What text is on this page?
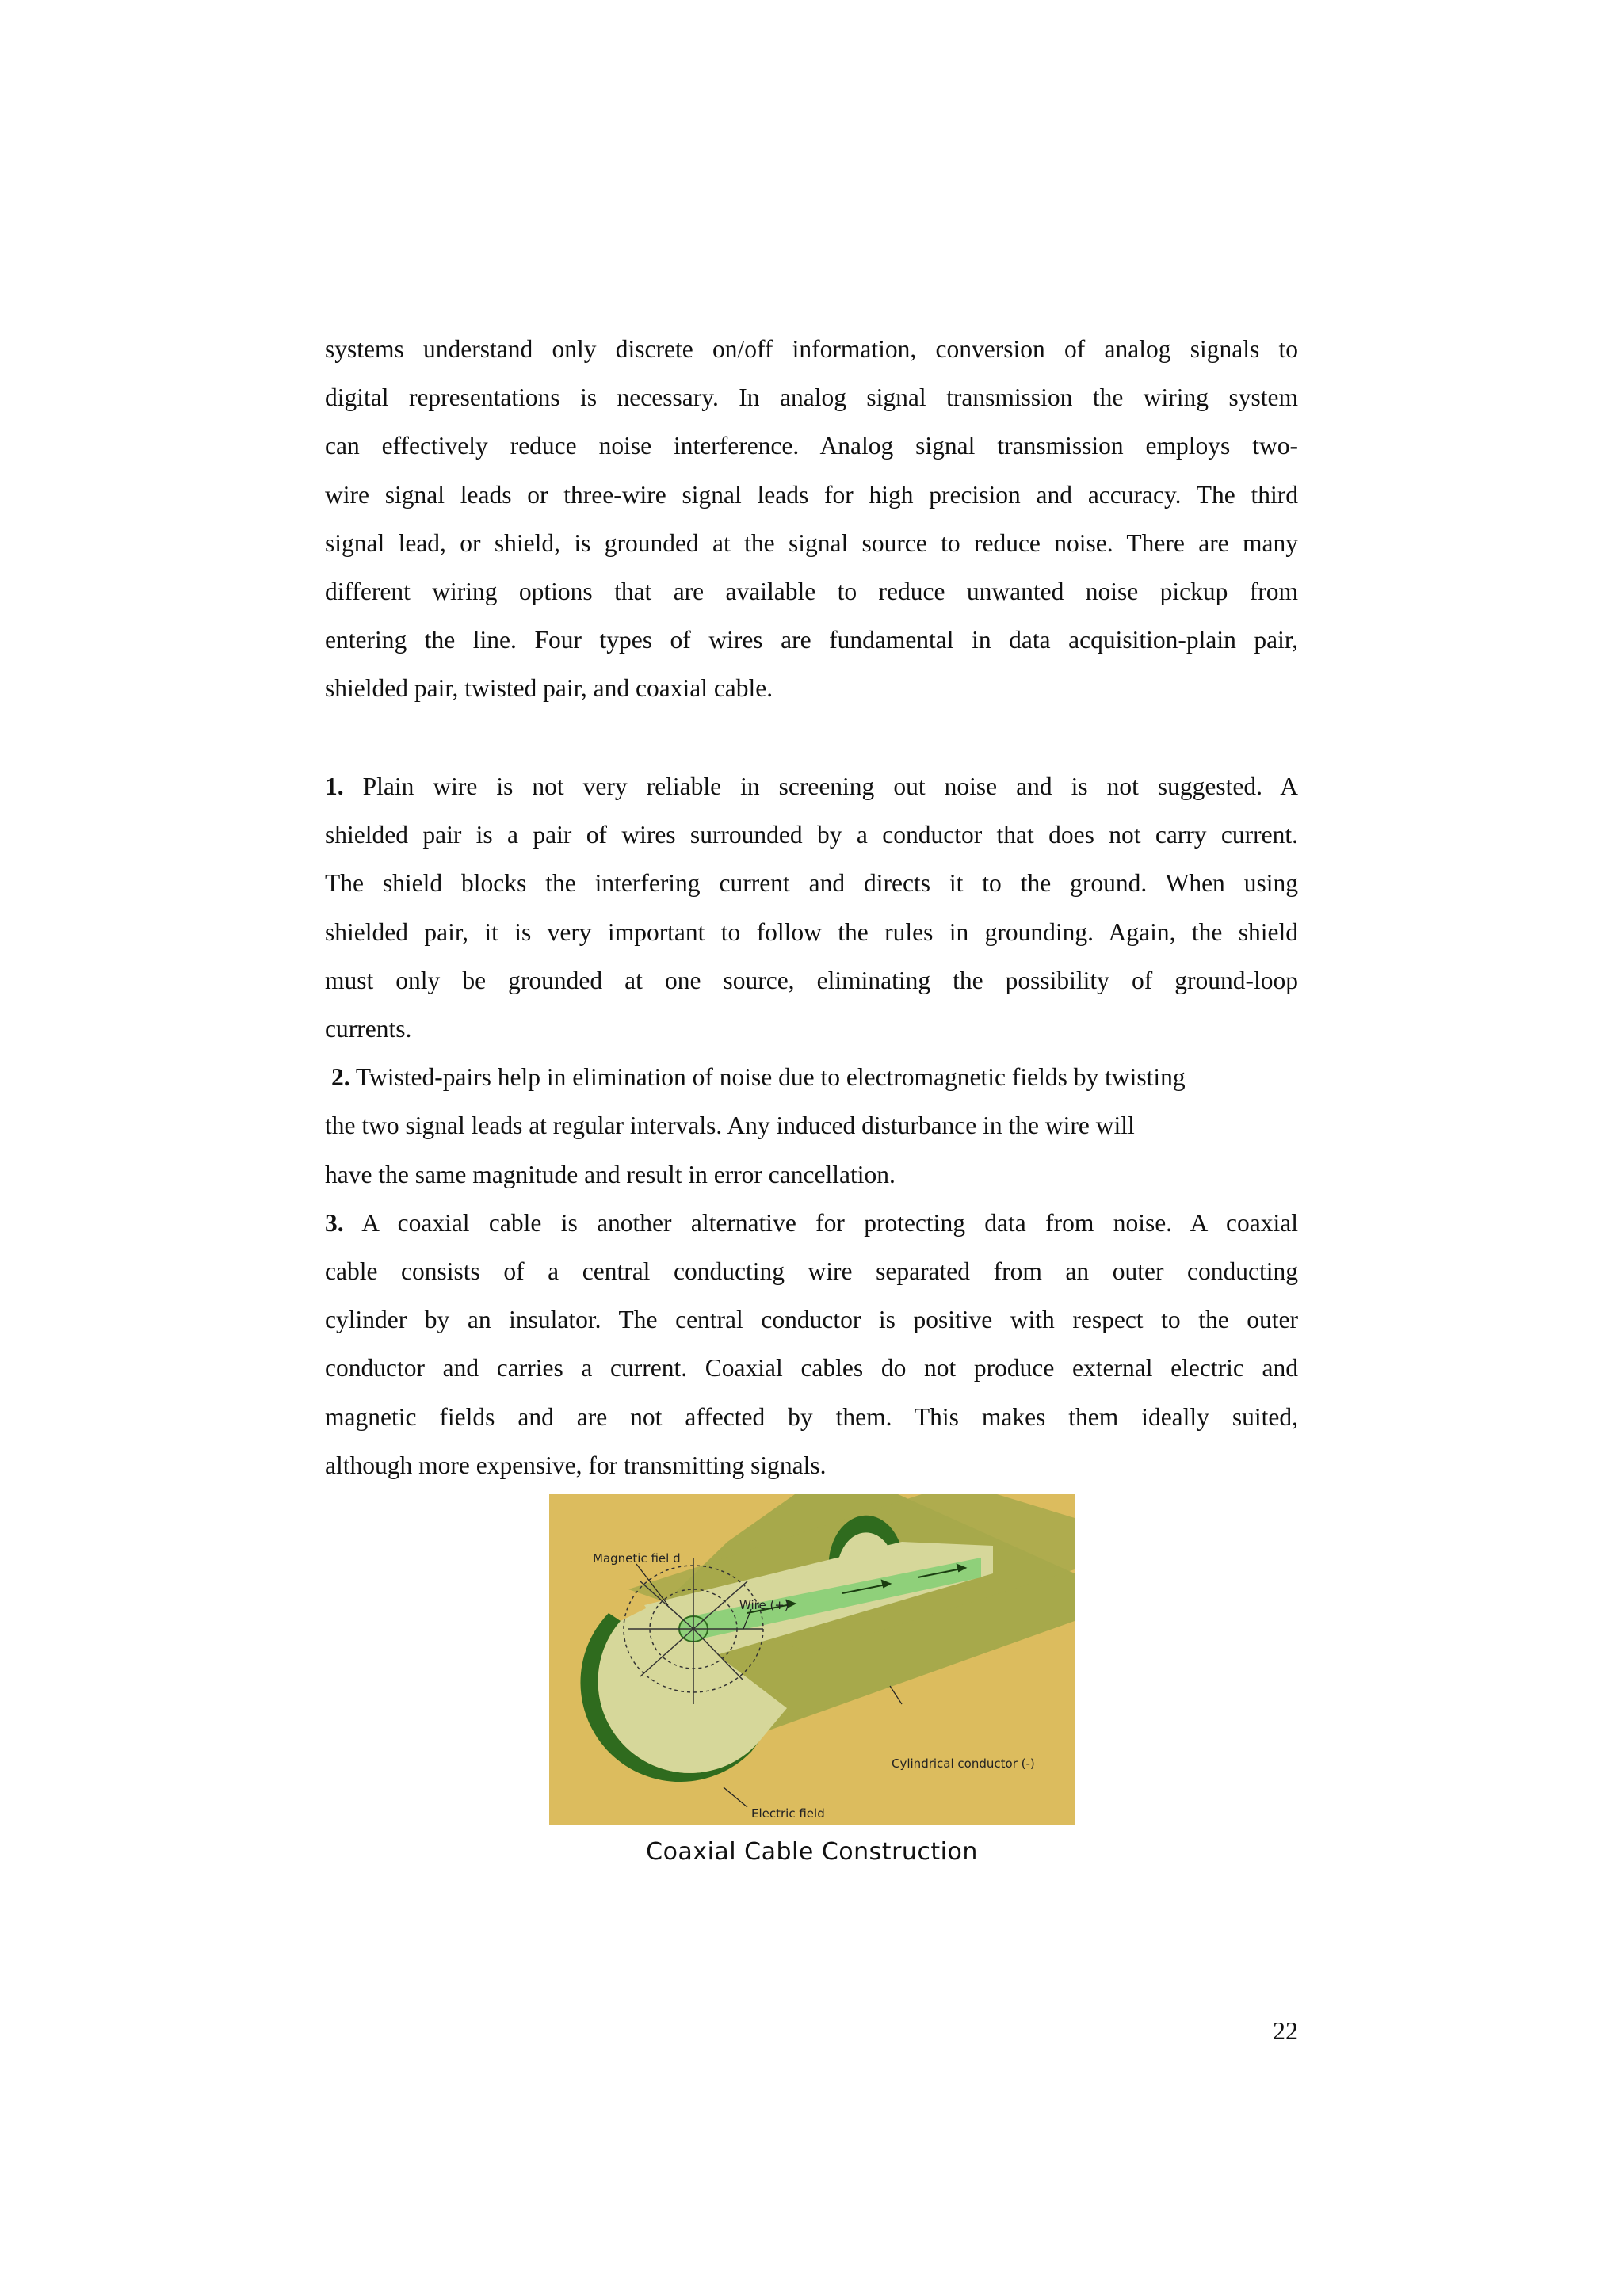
systems understand only discrete on/off information, conversion of analog signals to
digital representations is necessary. In analog signal transmission the wiring system
can effectively reduce noise interference. Analog signal transmission employs two-
wire signal leads or three-wire signal leads for high precision and accuracy. The third
signal lead, or shield, is grounded at the signal source to reduce noise. There are many
different wiring options that are available to reduce unwanted noise pickup from
entering the line. Four types of wires are fundamental in data acquisition-plain pair,
shielded pair, twisted pair, and coaxial cable.
1. Plain wire is not very reliable in screening out noise and is not suggested. A
shielded pair is a pair of wires surrounded by a conductor that does not carry current.
The shield blocks the interfering current and directs it to the ground. When using
shielded pair, it is very important to follow the rules in grounding. Again, the shield
must only be grounded at one source, eliminating the possibility of ground-loop
currents.
2. Twisted-pairs help in elimination of noise due to electromagnetic fields by twisting
the two signal leads at regular intervals. Any induced disturbance in the wire will
have the same magnitude and result in error cancellation.
3. A coaxial cable is another alternative for protecting data from noise. A coaxial
cable consists of a central conducting wire separated from an outer conducting
cylinder by an insulator. The central conductor is positive with respect to the outer
conductor and carries a current. Coaxial cables do not produce external electric and
magnetic fields and are not affected by them. This makes them ideally suited,
although more expensive, for transmitting signals.
Magnetic fiel d
Wire (+)
Cylindrical conductor (-)
Electric field
Coaxial Cable Construction
22
